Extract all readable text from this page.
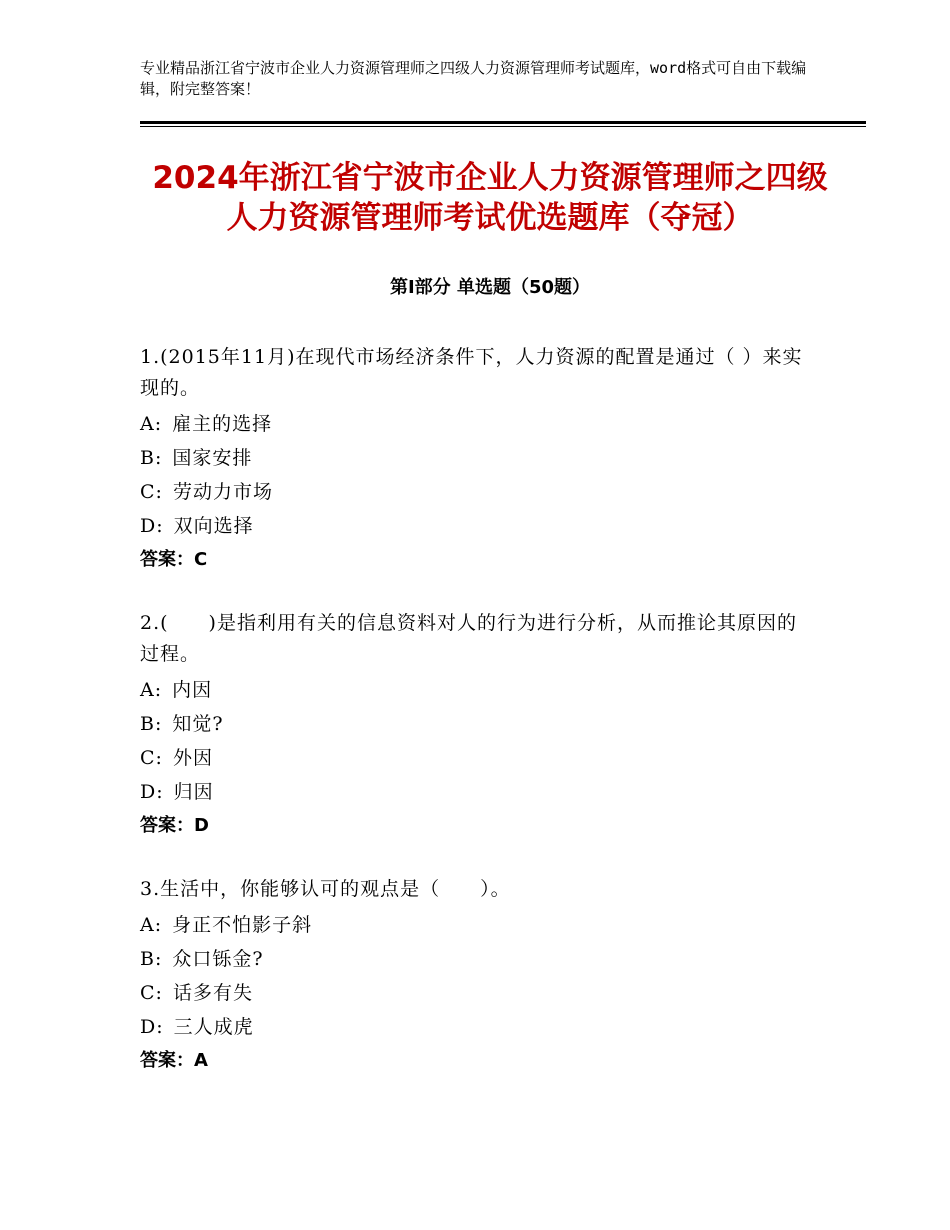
专业精品浙江省宁波市企业人力资源管理师之四级人力资源管理师考试题库，word格式可自由下载编辑，附完整答案！
2024年浙江省宁波市企业人力资源管理师之四级人力资源管理师考试优选题库（夺冠）
第Ⅰ部分 单选题（50题）

1.(2015年11月)在现代市场经济条件下，人力资源的配置是通过（ ）来实现的。

A: 雇主的选择

B: 国家安排

C: 劳动力市场

D: 双向选择

答案：C

2.(　　)是指利用有关的信息资料对人的行为进行分析，从而推论其原因的过程。

A: 内因

B: 知觉?

C: 外因

D: 归因

答案：D

3.生活中，你能够认可的观点是（　　）。

A: 身正不怕影子斜

B: 众口铄金?

C: 话多有失

D: 三人成虎

答案：A
